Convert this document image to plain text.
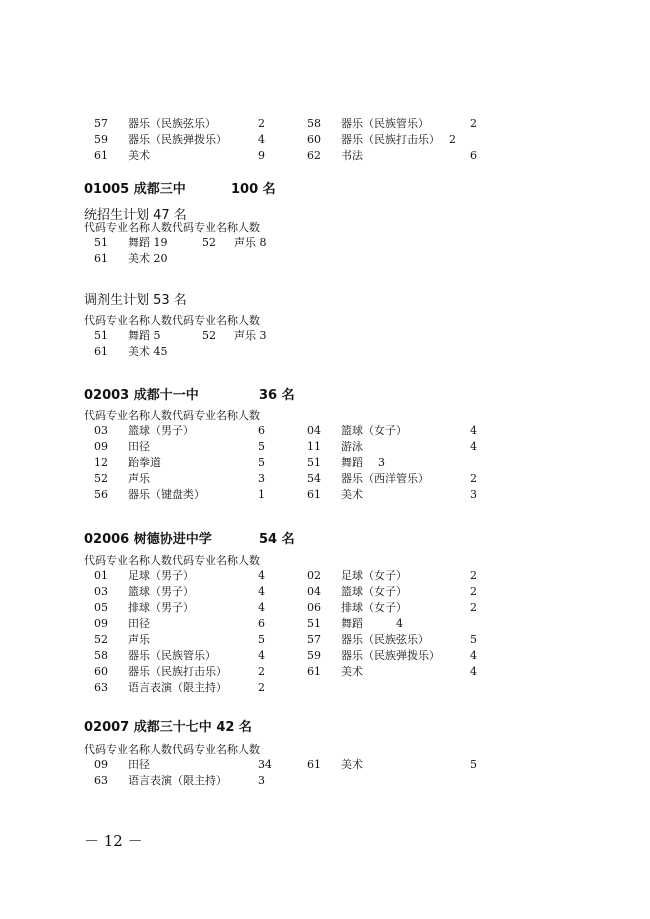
57 器乐（民族弦乐）	2	58 器乐（民族管乐）	2
59 器乐（民族弹拨乐）	4	60 器乐（民族打击乐） 2
61 美术	9	62 书法	6
01005 成都三中	100 名
统招生计划 47 名
代码专业名称人数代码专业名称人数
51 舞蹈 19	52 声乐 8
61 美术 20
调剂生计划 53 名
代码专业名称人数代码专业名称人数
51 舞蹈 5	52 声乐 3
61 美术 45
02003 成都十一中	36 名
代码专业名称人数代码专业名称人数
03 篮球（男子）	6	04 篮球（女子）	4
09 田径	5	11 游泳	4
12 跆拳道	5	51 舞蹈 3
52 声乐	3	54 器乐（西洋管乐）	2
56 器乐（键盘类）	1	61 美术	3
02006 树德协进中学	54 名
代码专业名称人数代码专业名称人数
01 足球（男子）	4	02 足球（女子）	2
03 篮球（男子）	4	04 篮球（女子）	2
05 排球（男子）	4	06 排球（女子）	2
09 田径	6	51 舞蹈	4
52 声乐	5	57 器乐（民族弦乐）	5
58 器乐（民族管乐）	4	59 器乐（民族弹拨乐）	4
60 器乐（民族打击乐）	2	61 美术	4
63 语言表演（限主持）	2
02007 成都三十七中 42 名
代码专业名称人数代码专业名称人数
09 田径	34	61 美术	5
63 语言表演（限主持）	3
－ 12 －
